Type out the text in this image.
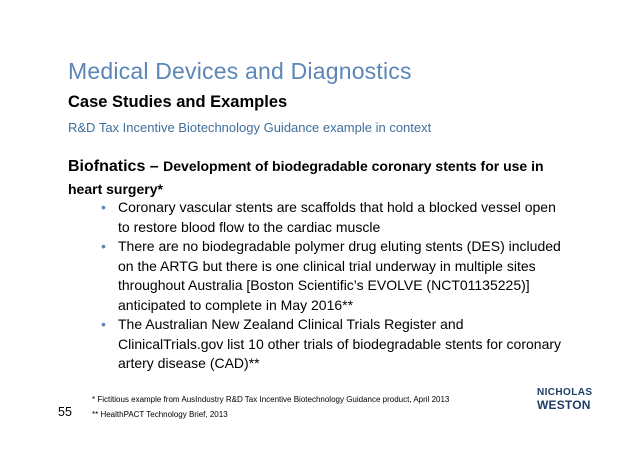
Medical Devices and Diagnostics
Case Studies and Examples
R&D Tax Incentive Biotechnology Guidance example in context
Biofnatics – Development of biodegradable coronary stents for use in heart surgery*
• Coronary vascular stents are scaffolds that hold a blocked vessel open to restore blood flow to the cardiac muscle
• There are no biodegradable polymer drug eluting stents (DES) included on the ARTG but there is one clinical trial underway in multiple sites throughout Australia [Boston Scientific’s EVOLVE (NCT01135225)] anticipated to complete in May 2016**
• The Australian New Zealand Clinical Trials Register and ClinicalTrials.gov list 10 other trials of biodegradable stents for coronary artery disease (CAD)**
* Fictitious example from AusIndustry R&D Tax Incentive Biotechnology Guidance product, April 2013
** HealthPACT Technology Brief, 2013
55
NICHOLAS
WESTON
